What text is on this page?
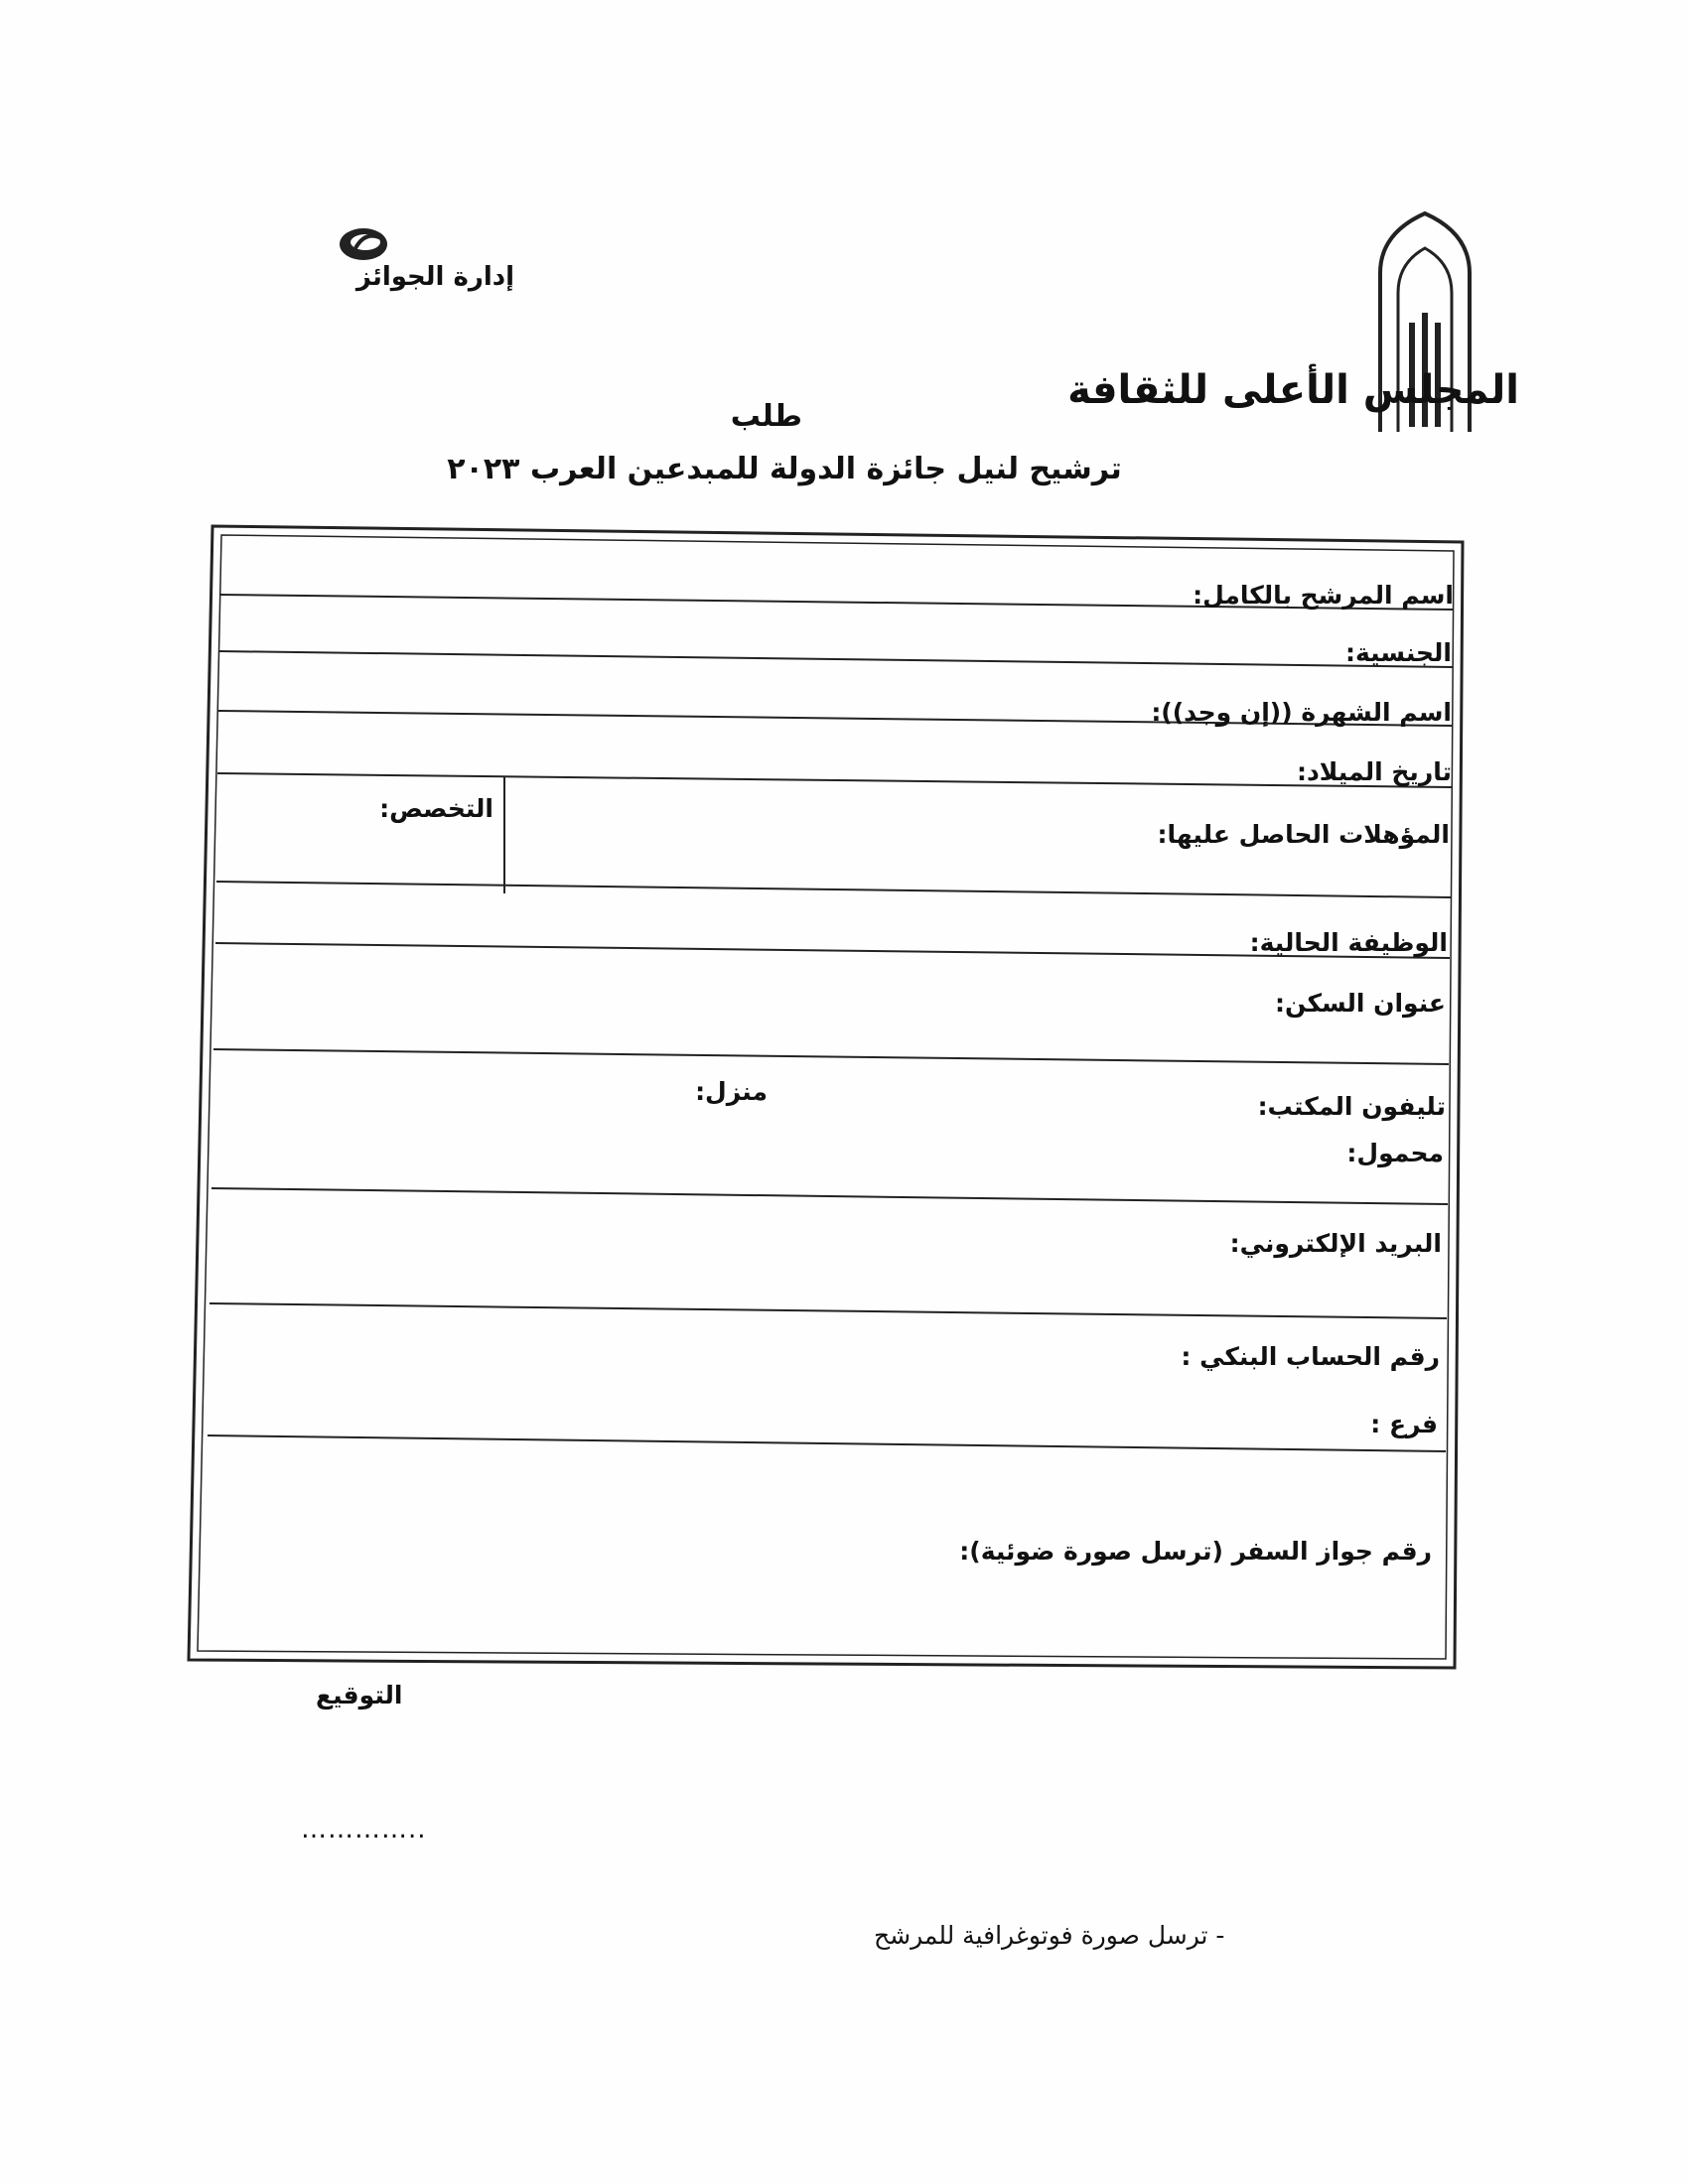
إدارة الجوائز
المجلس الأعلى للثقافة
طلب
ترشيح لنيل جائزة الدولة للمبدعين العرب ٢٠٢٣
اسم المرشح بالكامل:
الجنسية:
اسم الشهرة ((إن وجد)):
تاريخ الميلاد:
المؤهلات الحاصل عليها:
التخصص:
الوظيفة الحالية:
عنوان السكن:
تليفون المكتب:
منزل:
محمول:
البريد الإلكتروني:
رقم الحساب البنكي :
فرع :
رقم جواز السفر (ترسل صورة ضوئية):
التوقيع
…………..
- ترسل صورة فوتوغرافية للمرشح
